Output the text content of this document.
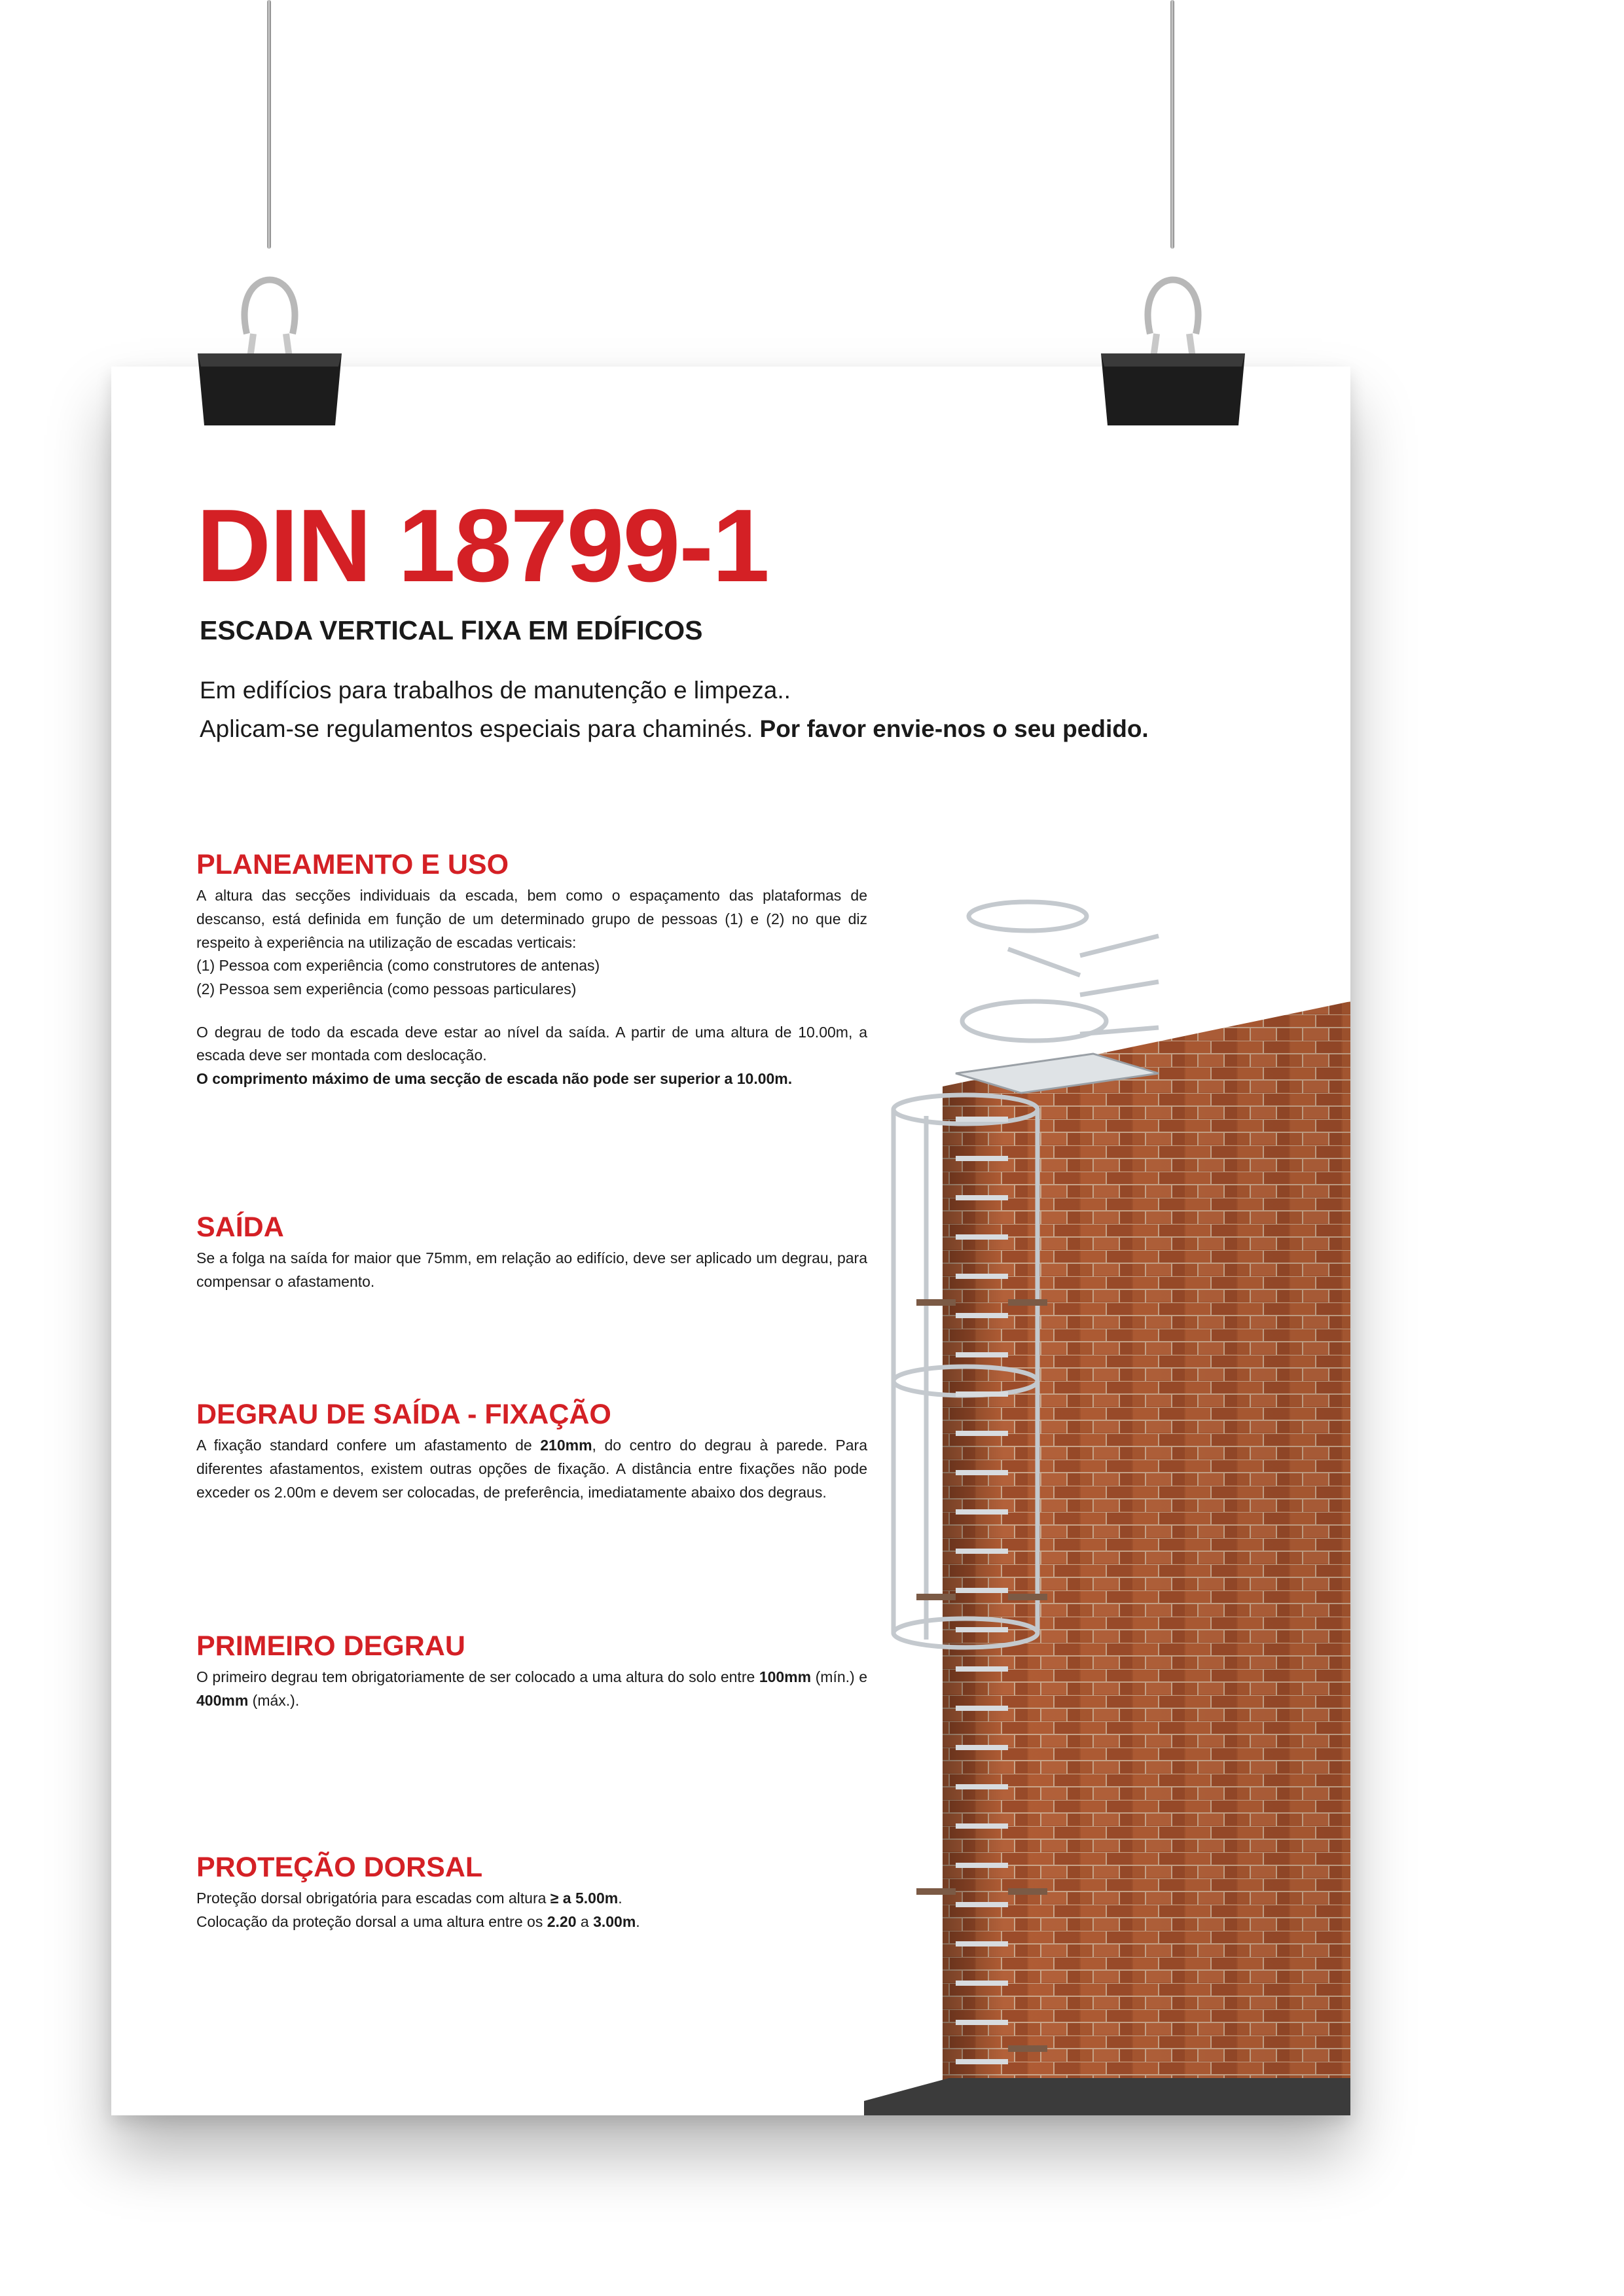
DIN 18799-1
ESCADA VERTICAL FIXA EM EDÍFICOS

Em edifícios para trabalhos de manutenção e limpeza..

Aplicam-se regulamentos especiais para chaminés. Por favor envie-nos o seu pedido.

PLANEAMENTO E USO

A altura das secções individuais da escada, bem como o espaçamento das plataformas de descanso, está definida em função de um determinado grupo de pessoas (1) e (2) no que diz respeito à experiência na utilização de escadas verticais:

(1) Pessoa com experiência (como construtores de antenas)

(2) Pessoa sem experiência (como pessoas particulares)

O degrau de todo da escada deve estar ao nível da saída. A partir de uma altura de 10.00m, a escada deve ser montada com deslocação.

O comprimento máximo de uma secção de escada não pode ser superior a 10.00m.

SAÍDA

Se a folga na saída for maior que 75mm, em relação ao edifício, deve ser aplicado um degrau, para compensar o afastamento.

DEGRAU DE SAÍDA - FIXAÇÃO

A fixação standard confere um afastamento de 210mm, do centro do degrau à parede. Para diferentes afastamentos, existem outras opções de fixação. A distância entre fixações não pode exceder os 2.00m e devem ser colocadas, de preferência, imediatamente abaixo dos degraus.

PRIMEIRO DEGRAU

O primeiro degrau tem obrigatoriamente de ser colocado a uma altura do solo entre 100mm (mín.) e 400mm (máx.).

PROTEÇÃO DORSAL

Proteção dorsal obrigatória para escadas com altura ≥ a 5.00m.

Colocação da proteção dorsal a uma altura entre os 2.20 a 3.00m.
